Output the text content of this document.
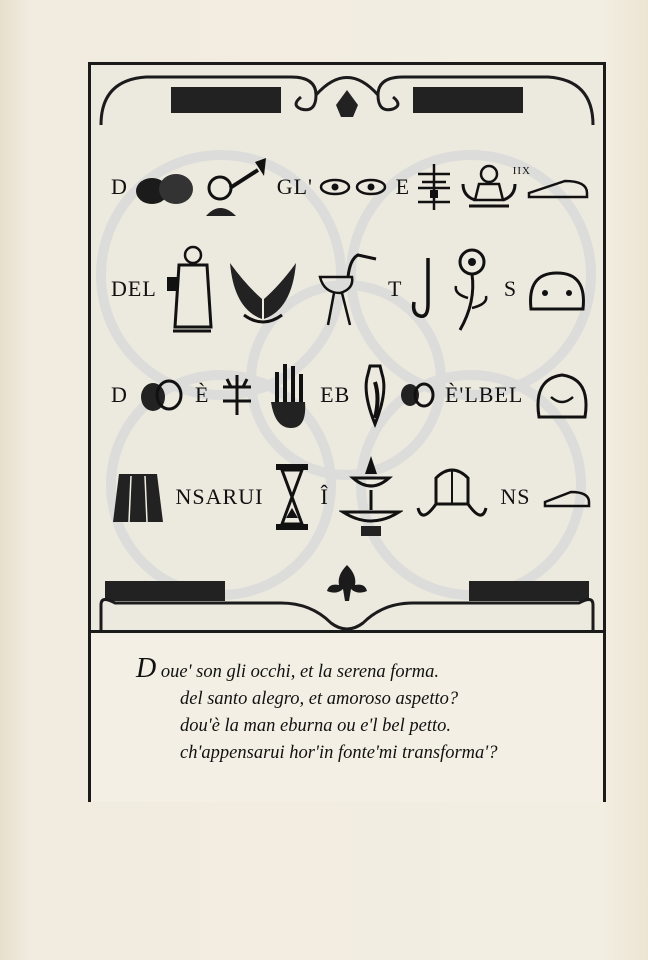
D	GL'	E
IIX
DEL	T	S
D	È	EB	È'LBEL
NSARUI	Î	NS
D oue' son gli occhi, et la serena forma.
del santo alegro, et amoroso aspetto?
dou'è la man eburna ou e'l bel petto.
ch'appensarui hor'in fonte'mi transforma'?
